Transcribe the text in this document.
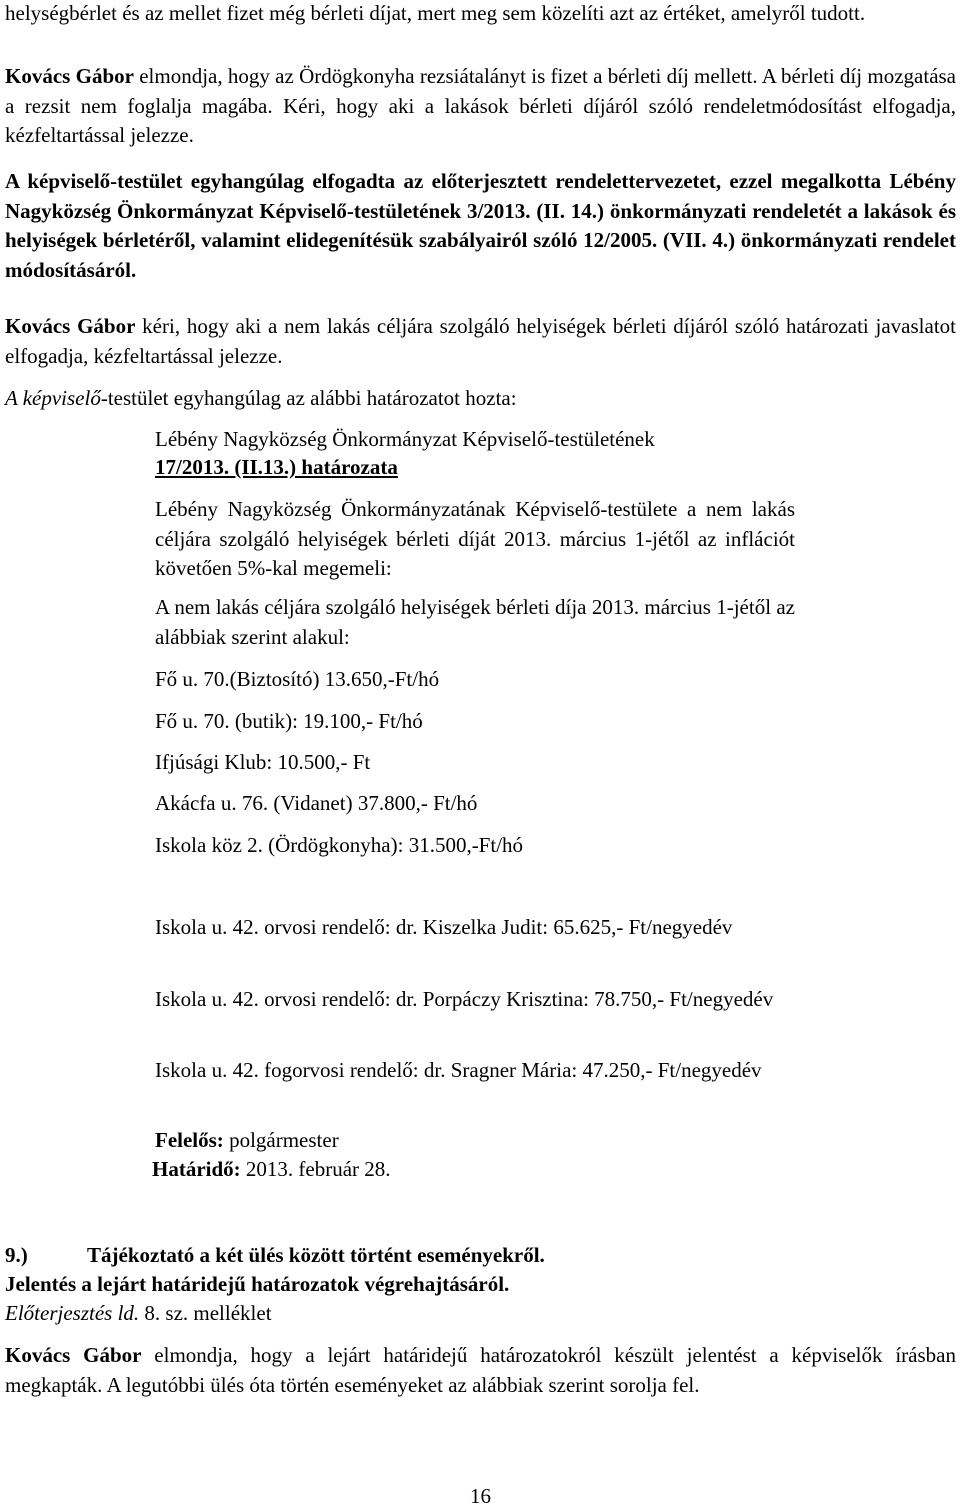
helységbérlet és az mellet fizet még bérleti díjat, mert meg sem közelíti azt az értéket, amelyről tudott.

Kovács Gábor elmondja, hogy az Ördögkonyha rezsiátalányt is fizet a bérleti díj mellett. A bérleti díj mozgatása a rezsit nem foglalja magába. Kéri, hogy aki a lakások bérleti díjáról szóló rendeletmódosítást elfogadja, kézfeltartással jelezze.

A képviselő-testület egyhangúlag elfogadta az előterjesztett rendelettervezetet, ezzel megalkotta Lébény Nagyközség Önkormányzat Képviselő-testületének 3/2013. (II. 14.) önkormányzati rendeletét a lakások és helyiségek bérletéről, valamint elidegenítésük szabályairól szóló 12/2005. (VII. 4.) önkormányzati rendelet módosításáról.

Kovács Gábor kéri, hogy aki a nem lakás céljára szolgáló helyiségek bérleti díjáról szóló határozati javaslatot elfogadja, kézfeltartással jelezze.

A képviselő-testület egyhangúlag az alábbi határozatot hozta:

Lébény Nagyközség Önkormányzat Képviselő-testületének

17/2013. (II.13.) határozata

Lébény Nagyközség Önkormányzatának Képviselő-testülete a nem lakás céljára szolgáló helyiségek bérleti díját 2013. március 1-jétől az inflációt követően 5%-kal megemeli:

A nem lakás céljára szolgáló helyiségek bérleti díja 2013. március 1-jétől az alábbiak szerint alakul:

Fő u. 70.(Biztosító) 13.650,-Ft/hó

Fő u. 70. (butik): 19.100,- Ft/hó

Ifjúsági Klub: 10.500,- Ft

Akácfa u. 76. (Vidanet) 37.800,- Ft/hó

Iskola köz 2. (Ördögkonyha): 31.500,-Ft/hó

Iskola u. 42. orvosi rendelő: dr. Kiszelka Judit: 65.625,- Ft/negyedév

Iskola u. 42. orvosi rendelő: dr. Porpáczy Krisztina: 78.750,- Ft/negyedév

Iskola u. 42. fogorvosi rendelő: dr. Sragner Mária: 47.250,- Ft/negyedév

Felelős: polgármester

Határidő: 2013. február 28.

9.)	Tájékoztató a két ülés között történt eseményekről.

Jelentés a lejárt határidejű határozatok végrehajtásáról.

Előterjesztés ld. 8. sz. melléklet

Kovács Gábor elmondja, hogy a lejárt határidejű határozatokról készült jelentést a képviselők írásban megkapták. A legutóbbi ülés óta történ eseményeket az alábbiak szerint sorolja fel.

16
